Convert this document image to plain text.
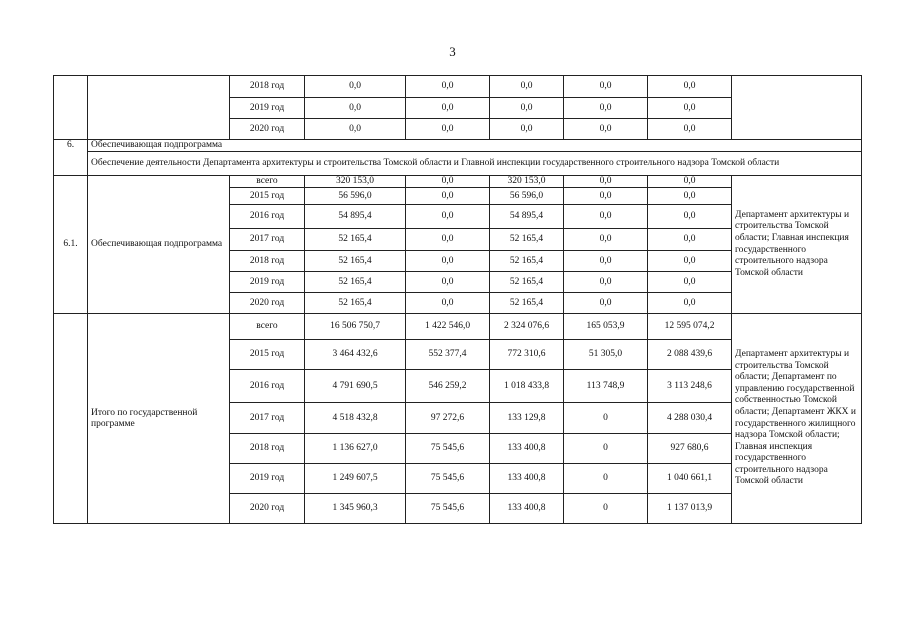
3
		2018 год	0,0	0,0	0,0	0,0	0,0	
		2019 год	0,0	0,0	0,0	0,0	0,0	
		2020 год	0,0	0,0	0,0	0,0	0,0	
6.	Обеспечивающая подпрограмма							
	Обеспечение деятельности Департамента архитектуры и строительства Томской области и Главной инспекции государственного строительного надзора Томской области							
6.1.	Обеспечивающая подпрограмма	всего	320 153,0	0,0	320 153,0	0,0	0,0	Департамент архитектуры и строительства Томской области; Главная инспекция государственного строительного надзора Томской области
		2015 год	56 596,0	0,0	56 596,0	0,0	0,0	
		2016 год	54 895,4	0,0	54 895,4	0,0	0,0	
		2017 год	52 165,4	0,0	52 165,4	0,0	0,0	
		2018 год	52 165,4	0,0	52 165,4	0,0	0,0	
		2019 год	52 165,4	0,0	52 165,4	0,0	0,0	
		2020 год	52 165,4	0,0	52 165,4	0,0	0,0	
	Итого по государственной программе	всего	16 506 750,7	1 422 546,0	2 324 076,6	165 053,9	12 595 074,2	Департамент архитектуры и строительства Томской области; Департамент по управлению государственной собственностью Томской области; Департамент ЖКХ и государственного жилищного надзора Томской области; Главная инспекция государственного строительного надзора Томской области
		2015 год	3 464 432,6	552 377,4	772 310,6	51 305,0	2 088 439,6	
		2016 год	4 791 690,5	546 259,2	1 018 433,8	113 748,9	3 113 248,6	
		2017 год	4 518 432,8	97 272,6	133 129,8	0	4 288 030,4	
		2018 год	1 136 627,0	75 545,6	133 400,8	0	927 680,6	
		2019 год	1 249 607,5	75 545,6	133 400,8	0	1 040 661,1	
		2020 год	1 345 960,3	75 545,6	133 400,8	0	1 137 013,9	
